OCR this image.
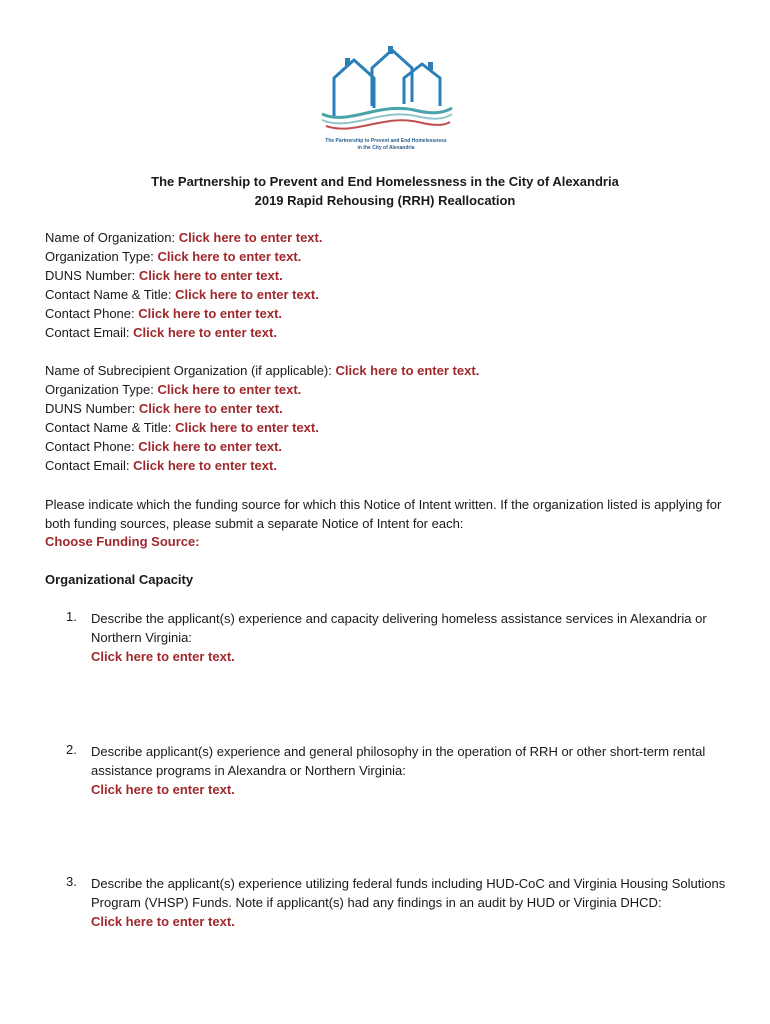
The Partnership to Prevent and End Homelessness
in the City of Alexandria
The Partnership to Prevent and End Homelessness in the City of Alexandria
2019 Rapid Rehousing (RRH) Reallocation
Name of Organization: Click here to enter text.
Organization Type: Click here to enter text.
DUNS Number: Click here to enter text.
Contact Name & Title: Click here to enter text.
Contact Phone: Click here to enter text.
Contact Email: Click here to enter text.
Name of Subrecipient Organization (if applicable): Click here to enter text.
Organization Type: Click here to enter text.
DUNS Number: Click here to enter text.
Contact Name & Title: Click here to enter text.
Contact Phone: Click here to enter text.
Contact Email: Click here to enter text.
Please indicate which the funding source for which this Notice of Intent written. If the organization listed is applying for both funding sources, please submit a separate Notice of Intent for each:
Choose Funding Source:
Organizational Capacity
1. Describe the applicant(s) experience and capacity delivering homeless assistance services in Alexandria or Northern Virginia:
Click here to enter text.
2. Describe applicant(s) experience and general philosophy in the operation of RRH or other short-term rental assistance programs in Alexandra or Northern Virginia:
Click here to enter text.
3. Describe the applicant(s) experience utilizing federal funds including HUD-CoC and Virginia Housing Solutions Program (VHSP) Funds. Note if applicant(s) had any findings in an audit by HUD or Virginia DHCD:
Click here to enter text.
